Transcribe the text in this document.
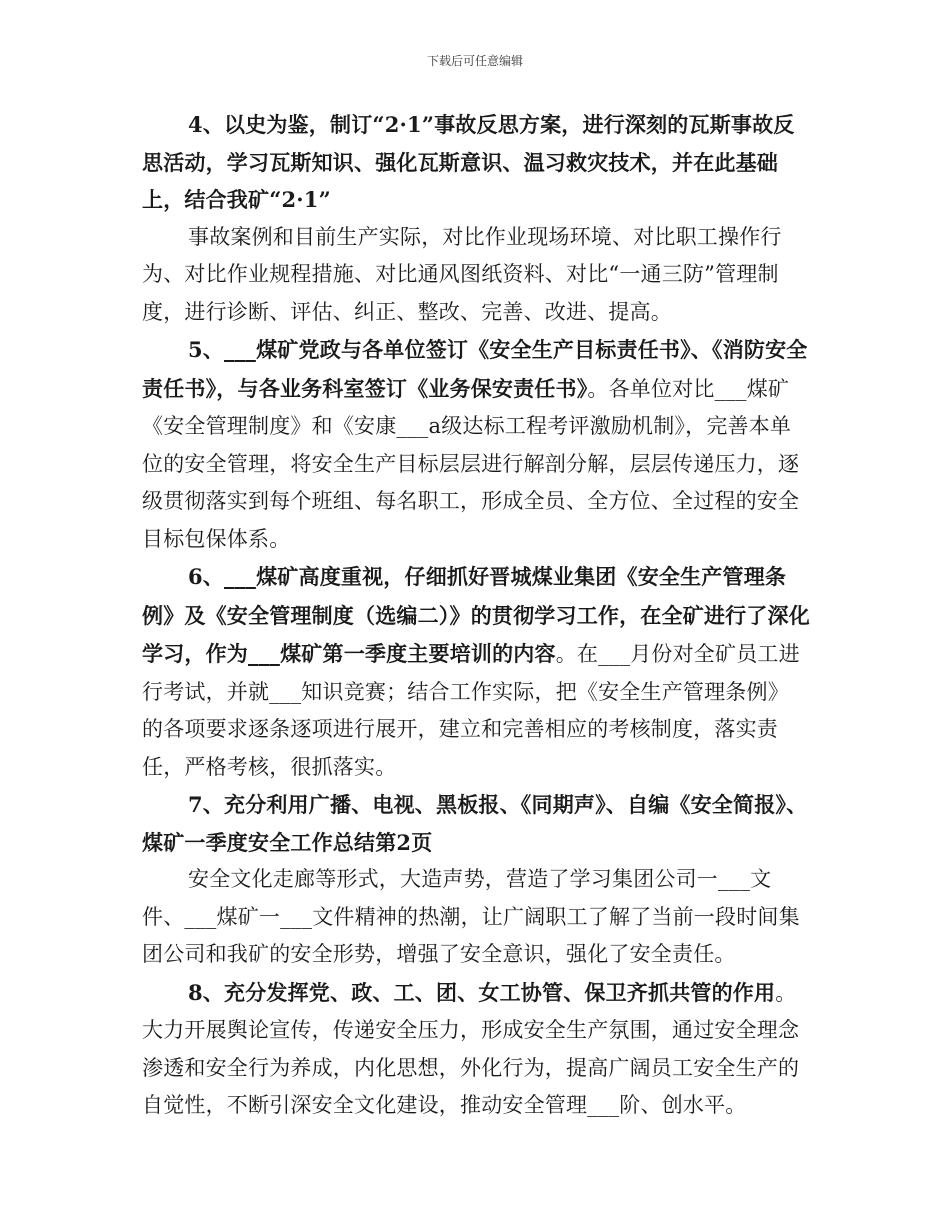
下载后可任意编辑

4、以史为鉴，制订“2·1”事故反思方案，进行深刻的瓦斯事故反思活动，学习瓦斯知识、强化瓦斯意识、温习救灾技术，并在此基础上，结合我矿“2·1”

事故案例和目前生产实际，对比作业现场环境、对比职工操作行为、对比作业规程措施、对比通风图纸资料、对比“一通三防”管理制度，进行诊断、评估、纠正、整改、完善、改进、提高。

5、___煤矿党政与各单位签订《安全生产目标责任书》、《消防安全责任书》，与各业务科室签订《业务保安责任书》。各单位对比___煤矿《安全管理制度》和《安康___a级达标工程考评激励机制》，完善本单位的安全管理，将安全生产目标层层进行解剖分解，层层传递压力，逐级贯彻落实到每个班组、每名职工，形成全员、全方位、全过程的安全目标包保体系。

6、___煤矿高度重视，仔细抓好晋城煤业集团《安全生产管理条例》及《安全管理制度（选编二）》的贯彻学习工作，在全矿进行了深化学习，作为___煤矿第一季度主要培训的内容。在___月份对全矿员工进行考试，并就___知识竞赛；结合工作实际，把《安全生产管理条例》的各项要求逐条逐项进行展开，建立和完善相应的考核制度，落实责任，严格考核，很抓落实。

7、充分利用广播、电视、黑板报、《同期声》、自编《安全简报》、煤矿一季度安全工作总结第2页

安全文化走廊等形式，大造声势，营造了学习集团公司一___文件、___煤矿一___文件精神的热潮，让广阔职工了解了当前一段时间集团公司和我矿的安全形势，增强了安全意识，强化了安全责任。

8、充分发挥党、政、工、团、女工协管、保卫齐抓共管的作用。大力开展舆论宣传，传递安全压力，形成安全生产氛围，通过安全理念渗透和安全行为养成，内化思想，外化行为，提高广阔员工安全生产的自觉性，不断引深安全文化建设，推动安全管理___阶、创水平。
